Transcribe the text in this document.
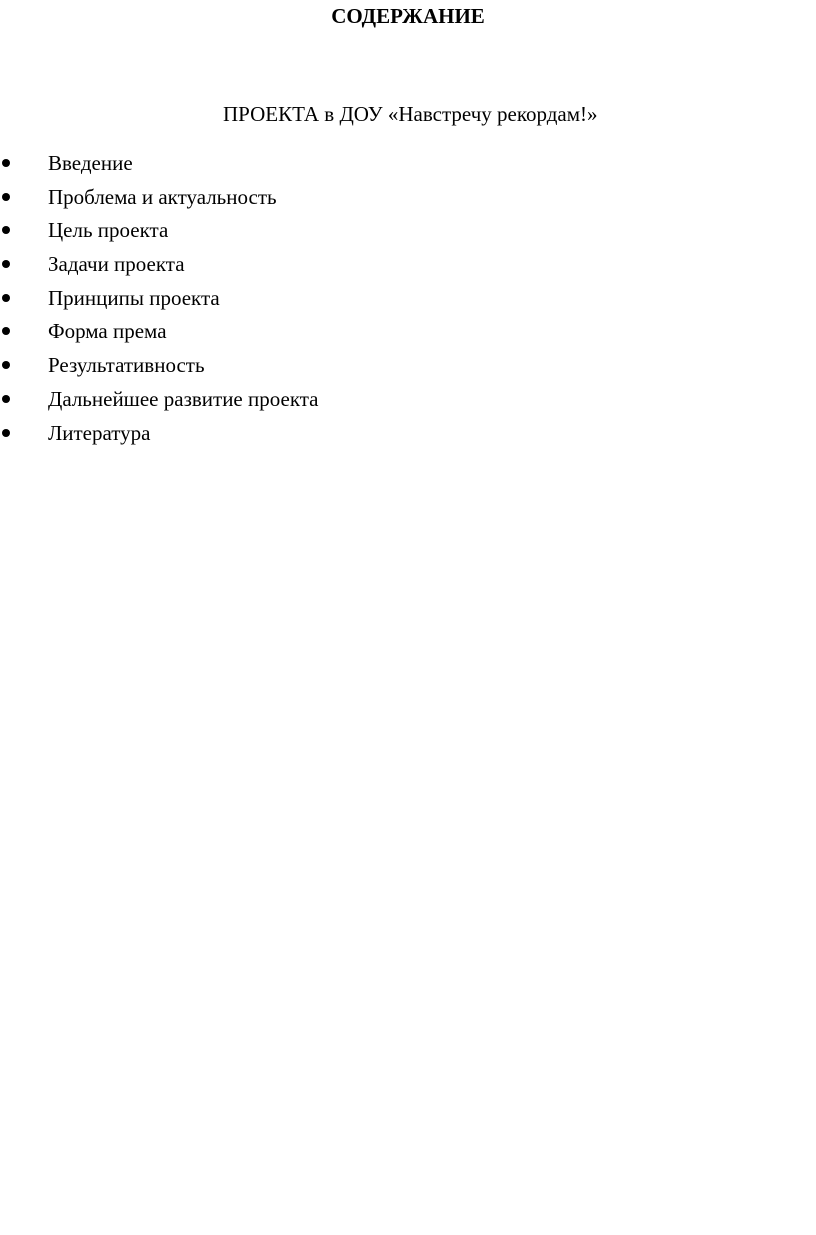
СОДЕРЖАНИЕ

ПРОЕКТА в ДОУ «Навстречу рекордам!»

Введение
Проблема и актуальность
Цель проекта
Задачи проекта
Принципы проекта
Форма према
Результативность
Дальнейшее развитие проекта
Литература
